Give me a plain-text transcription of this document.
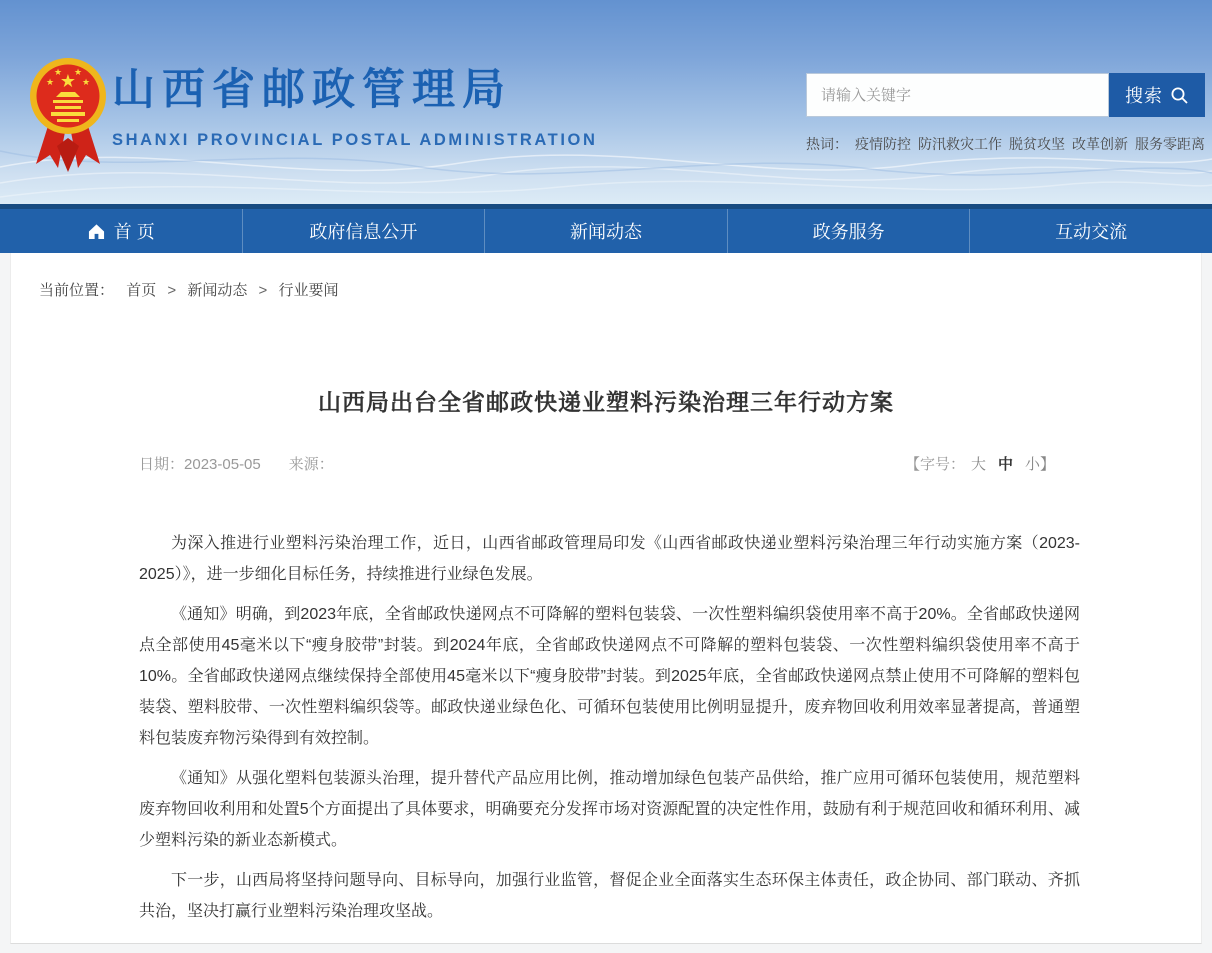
★
★
★ ★
★ 山西省邮政管理局
SHANXI PROVINCIAL POSTAL ADMINISTRATION
请输入关键字
搜索
热词： 疫情防控 防汛救灾工作 脱贫攻坚 改革创新 服务零距离
首 页	政府信息公开	新闻动态	政务服务	互动交流
当前位置： 首页 > 新闻动态 > 行业要闻
山西局出台全省邮政快递业塑料污染治理三年行动方案
日期：2023-05-05 来源：	【字号： 大 中 小】

为深入推进行业塑料污染治理工作，近日，山西省邮政管理局印发《山西省邮政快递业塑料污染治理三年行动实施方案（2023-2025）》，进一步细化目标任务，持续推进行业绿色发展。

《通知》明确，到2023年底，全省邮政快递网点不可降解的塑料包装袋、一次性塑料编织袋使用率不高于20%。全省邮政快递网点全部使用45毫米以下“瘦身胶带”封装。到2024年底，全省邮政快递网点不可降解的塑料包装袋、一次性塑料编织袋使用率不高于10%。全省邮政快递网点继续保持全部使用45毫米以下“瘦身胶带”封装。到2025年底，全省邮政快递网点禁止使用不可降解的塑料包装袋、塑料胶带、一次性塑料编织袋等。邮政快递业绿色化、可循环包装使用比例明显提升，废弃物回收利用效率显著提高，普通塑料包装废弃物污染得到有效控制。

《通知》从强化塑料包装源头治理，提升替代产品应用比例，推动增加绿色包装产品供给，推广应用可循环包装使用，规范塑料废弃物回收利用和处置5个方面提出了具体要求，明确要充分发挥市场对资源配置的决定性作用，鼓励有利于规范回收和循环利用、减少塑料污染的新业态新模式。

下一步，山西局将坚持问题导向、目标导向，加强行业监管，督促企业全面落实生态环保主体责任，政企协同、部门联动、齐抓共治，坚决打赢行业塑料污染治理攻坚战。
